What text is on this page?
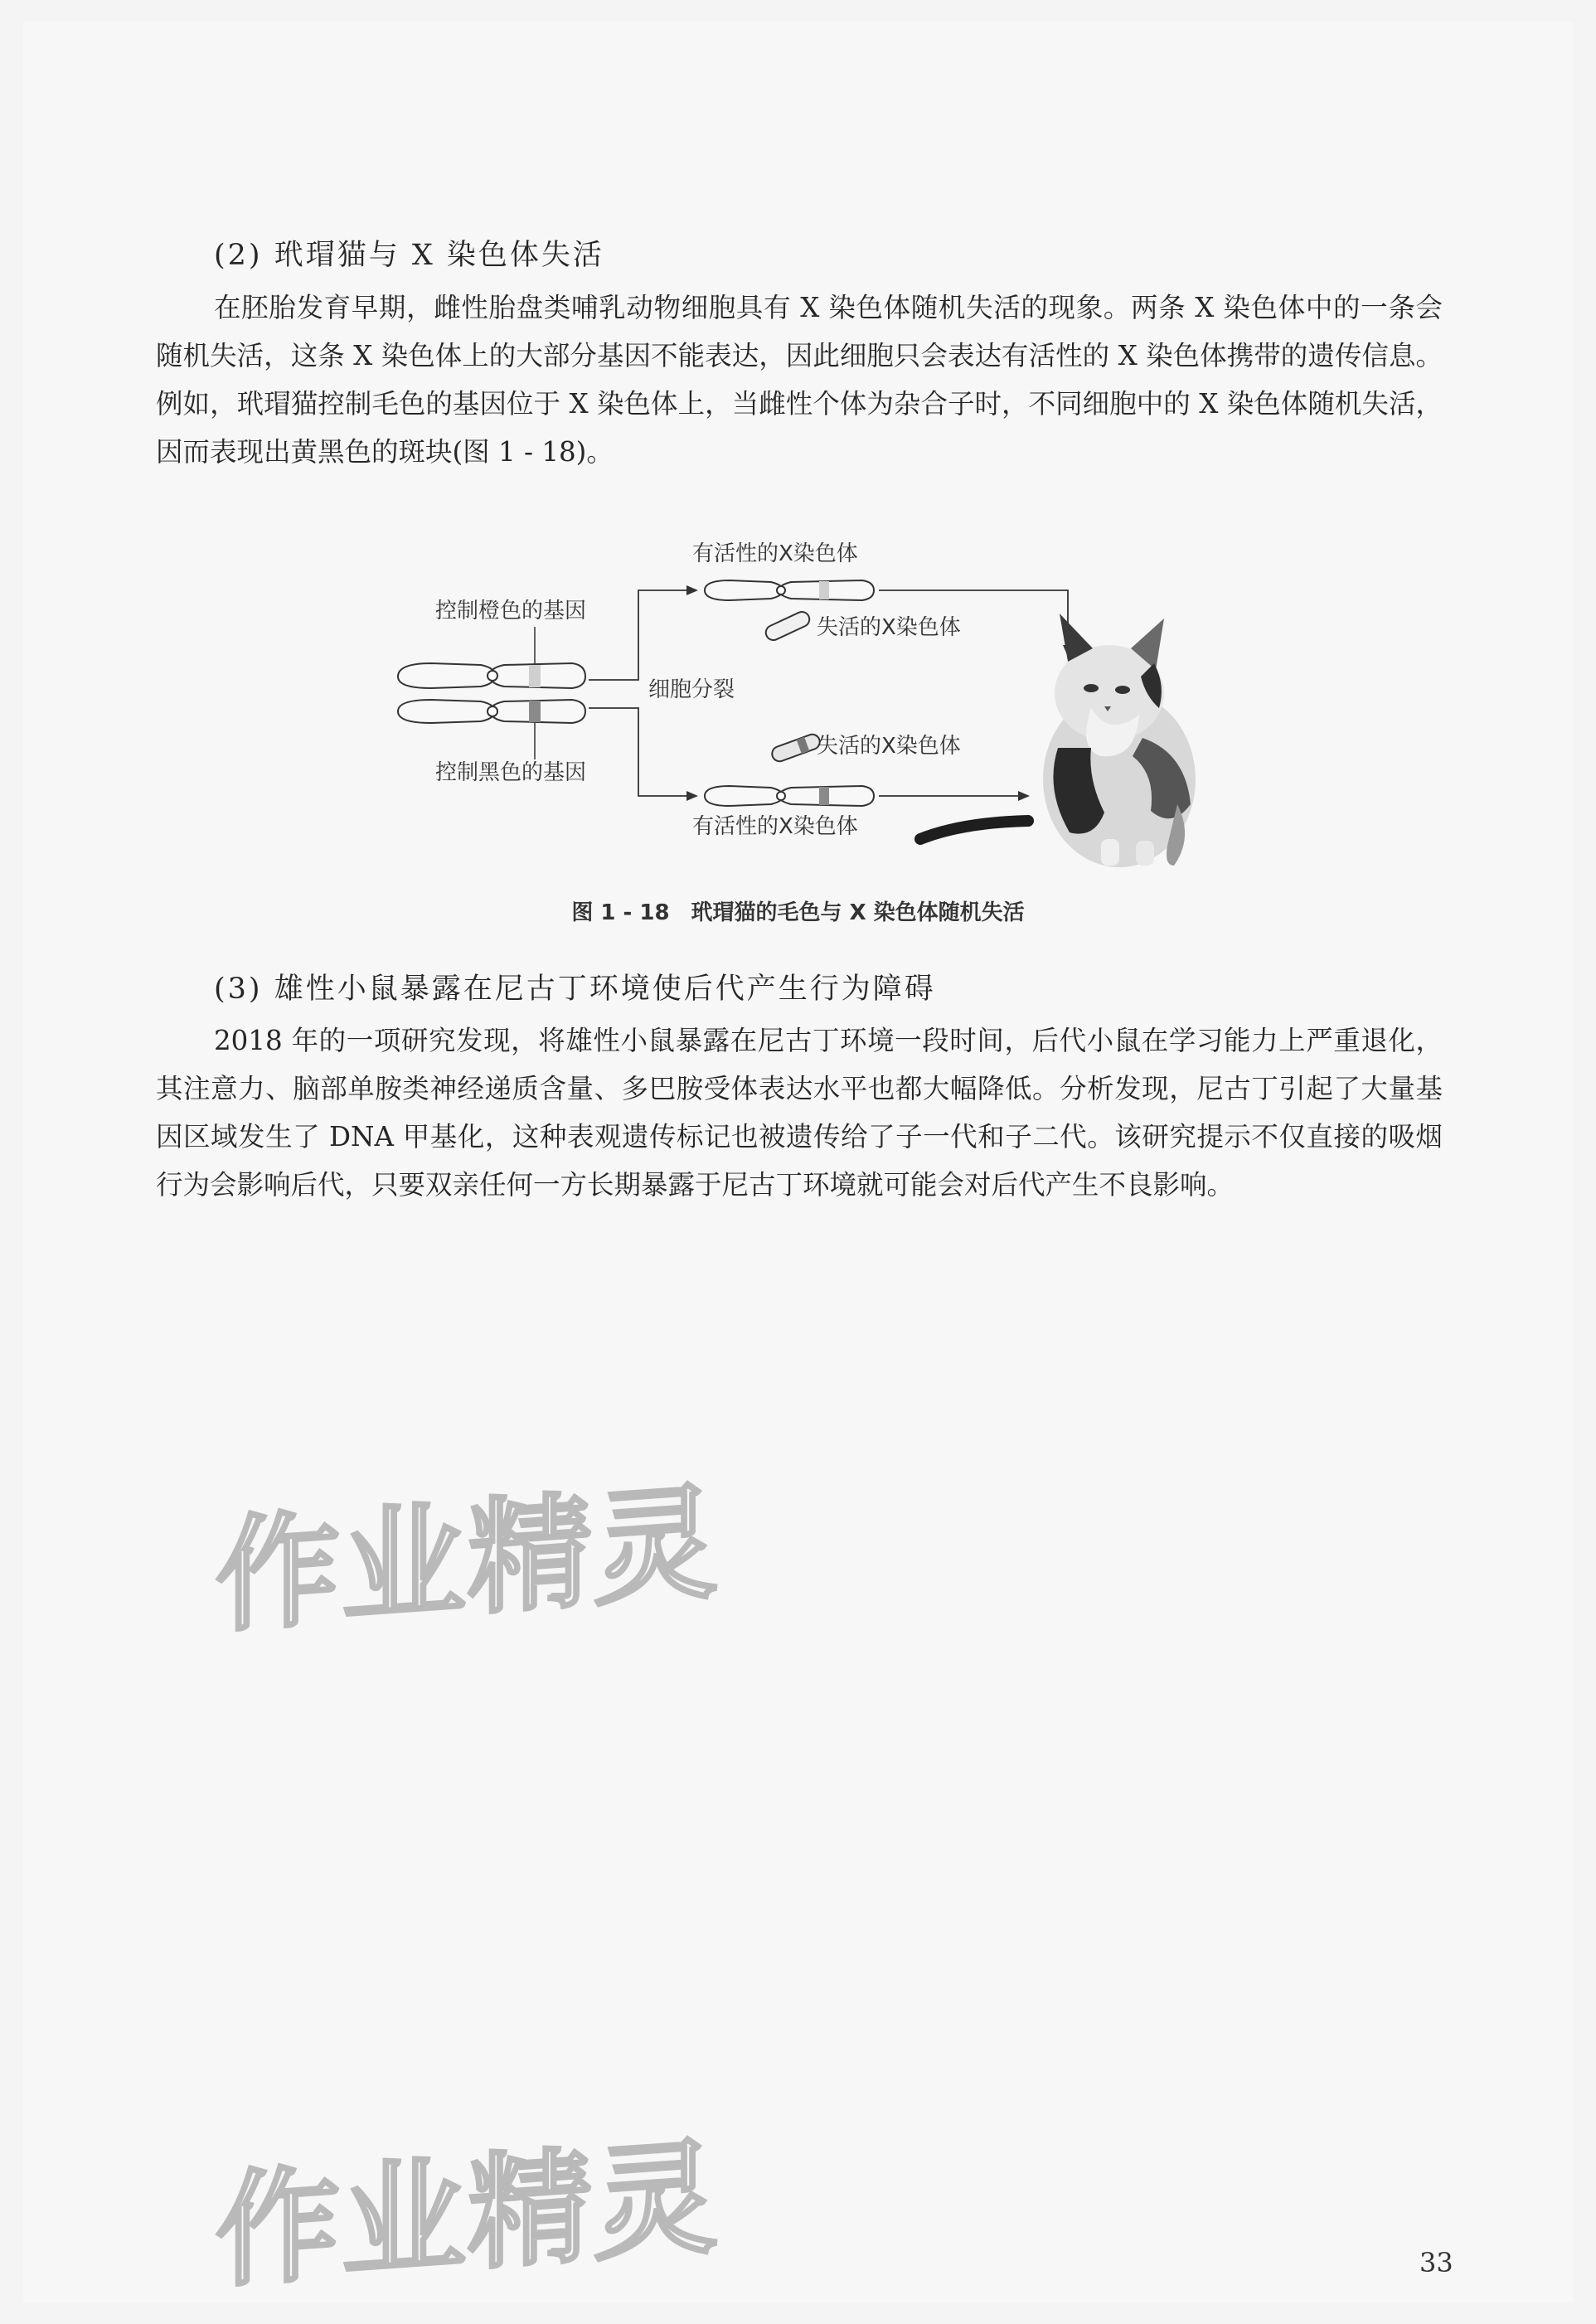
(2) 玳瑁猫与 X 染色体失活

在胚胎发育早期，雌性胎盘类哺乳动物细胞具有 X 染色体随机失活的现象。两条 X 染色体中的一条会随机失活，这条 X 染色体上的大部分基因不能表达，因此细胞只会表达有活性的 X 染色体携带的遗传信息。例如，玳瑁猫控制毛色的基因位于 X 染色体上，当雌性个体为杂合子时，不同细胞中的 X 染色体随机失活，因而表现出黄黑色的斑块(图 1 - 18)。

控制橙色的基因
控制黑色的基因
细胞分裂
有活性的X染色体
失活的X染色体
失活的X染色体
有活性的X染色体
图 1 - 18　玳瑁猫的毛色与 X 染色体随机失活
(3) 雄性小鼠暴露在尼古丁环境使后代产生行为障碍

2018 年的一项研究发现，将雄性小鼠暴露在尼古丁环境一段时间，后代小鼠在学习能力上严重退化，其注意力、脑部单胺类神经递质含量、多巴胺受体表达水平也都大幅降低。分析发现，尼古丁引起了大量基因区域发生了 DNA 甲基化，这种表观遗传标记也被遗传给了子一代和子二代。该研究提示不仅直接的吸烟行为会影响后代，只要双亲任何一方长期暴露于尼古丁环境就可能会对后代产生不良影响。

作业精灵
作业精灵	33
